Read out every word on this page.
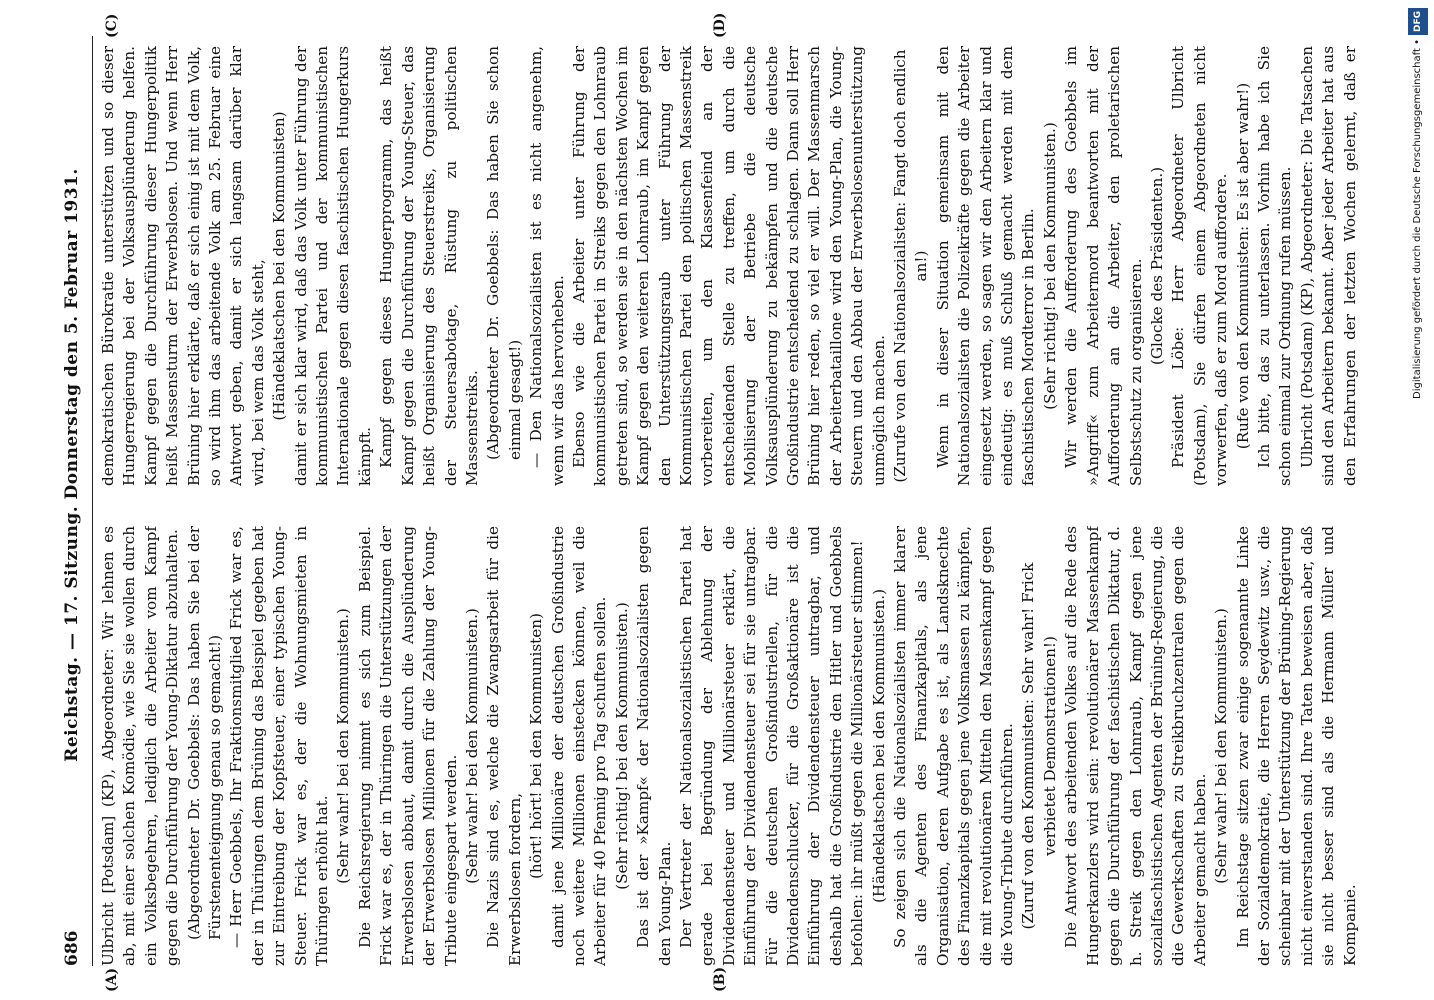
686
Reichstag. — 17. Sitzung. Donnerstag den 5. Februar 1931.
(A)	(B)
(C)	(D)

Ulbricht [Potsdam] (KP), Abgeordneter: Wir lehnen es ab, mit einer solchen Komödie, wie Sie sie wollen durch ein Volksbegehren, lediglich die Arbeiter vom Kampf gegen die Durchführung der Young-Diktatur abzuhalten. (Abgeordneter Dr. Goebbels: Das haben Sie bei der Fürstenenteignung genau so gemacht!) — Herr Goebbels, Ihr Fraktionsmitglied Frick war es, der in Thüringen dem Brüning das Beispiel gegeben hat zur Eintreibung der Kopfsteuer, einer typischen Young-Steuer. Frick war es, der die Wohnungsmieten in Thüringen erhöht hat. (Sehr wahr! bei den Kommunisten.) Die Reichsregierung nimmt es sich zum Beispiel. Frick war es, der in Thüringen die Unterstützungen der Erwerbslosen abbaut, damit durch die Ausplünderung der Erwerbslosen Millionen für die Zahlung der Young-Tribute eingespart werden. (Sehr wahr! bei den Kommunisten.) Die Nazis sind es, welche die Zwangsarbeit für die Erwerbslosen fordern,

(hört! hört! bei den Kommunisten) damit jene Millionäre der deutschen Großindustrie noch weitere Millionen einstecken können, weil die Arbeiter für 40 Pfennig pro Tag schuften sollen. (Sehr richtig! bei den Kommunisten.) Das ist der »Kampf« der Nationalsozialisten gegen den Young-Plan. Der Vertreter der Nationalsozialistischen Partei hat gerade bei Begründung der Ablehnung der Dividendensteuer und Millionärsteuer erklärt, die Einführung der Dividendensteuer sei für sie untragbar. Für die deutschen Großindustriellen, für die Dividendenschlucker, für die Großaktionäre ist die Einführung der Dividendensteuer untragbar, und deshalb hat die Großindustrie den Hitler und Goebbels befohlen: ihr müßt gegen die Millionärsteuer stimmen! (Händeklatschen bei den Kommunisten.) So zeigen sich die Nationalsozialisten immer klarer als die Agenten des Finanzkapitals, als jene Organisation, deren Aufgabe es ist, als Landsknechte des Finanzkapitals gegen jene Volksmassen zu kämpfen, die mit revolutionären Mitteln den Massenkampf gegen die Young-Tribute durchführen. (Zuruf von den Kommunisten: Sehr wahr! Frick verbietet Demonstrationen!) Die Antwort des arbeitenden Volkes auf die Rede des Hungerkanzlers wird sein: revolutionärer Massenkampf gegen die Durchführung der faschistischen Diktatur, d. h. Streik gegen den Lohnraub, Kampf gegen jene sozialfaschistischen Agenten der Brüning-Regierung, die die Gewerkschaften zu Streikbruchzentralen gegen die Arbeiter gemacht haben. (Sehr wahr! bei den Kommunisten.) Im Reichstage sitzen zwar einige sogenannte Linke der Sozialdemokratie, die Herren Seydewitz usw., die scheinbar mit der Unterstützung der Brüning-Regierung nicht einverstanden sind. Ihre Taten beweisen aber, daß sie nicht besser sind als die Hermann Müller und Kompanie.

demokratischen Bürokratie unterstützen und so dieser Hungerregierung bei der Volksausplünderung helfen. Kampf gegen die Durchführung dieser Hungerpolitik heißt Massensturm der Erwerbslosen. Und wenn Herr Brüning hier erklärte, daß er sich einig ist mit dem Volk, so wird ihm das arbeitende Volk am 25. Februar eine Antwort geben, damit er sich langsam darüber klar wird, bei wem das Volk steht, (Händeklatschen bei den Kommunisten) damit er sich klar wird, daß das Volk unter Führung der kommunistischen Partei und der kommunistischen Internationale gegen diesen faschistischen Hungerkurs kämpft. Kampf gegen dieses Hungerprogramm, das heißt Kampf gegen die Durchführung der Young-Steuer, das heißt Organisierung des Steuerstreiks, Organisierung der Steuersabotage, Rüstung zu politischen Massenstreiks. (Abgeordneter Dr. Goebbels: Das haben Sie schon einmal gesagt!) — Den Nationalsozialisten ist es nicht angenehm, wenn wir das hervorheben. Ebenso wie die Arbeiter unter Führung der kommunistischen Partei in Streiks gegen den Lohnraub getreten sind, so werden sie in den nächsten Wochen im Kampf gegen den weiteren Lohnraub, im Kampf gegen den Unterstützungsraub unter Führung der Kommunistischen Partei den politischen Massenstreik vorbereiten, um den Klassenfeind an der entscheidenden Stelle zu treffen, um durch die Mobilisierung der Betriebe die deutsche Volksausplünderung zu bekämpfen und die deutsche Großindustrie entscheidend zu schlagen. Dann soll Herr Brüning hier reden, so viel er will. Der Massenmarsch der Arbeiterbataillone wird den Young-Plan, die Young-Steuern und den Abbau der Erwerbslosenunterstützung unmöglich machen. (Zurufe von den Nationalsozialisten: Fangt doch endlich an!) Wenn in dieser Situation gemeinsam mit den Nationalsozialisten die Polizeikräfte gegen die Arbeiter eingesetzt werden, so sagen wir den Arbeitern klar und eindeutig: es muß Schluß gemacht werden mit dem faschistischen Mordterror in Berlin. (Sehr richtig! bei den Kommunisten.) Wir werden die Aufforderung des Goebbels im »Angriff« zum Arbeitermord beantworten mit der Aufforderung an die Arbeiter, den proletarischen Selbstschutz zu organisieren. (Glocke des Präsidenten.) Präsident Löbe: Herr Abgeordneter Ulbricht (Potsdam), Sie dürfen einem Abgeordneten nicht vorwerfen, daß er zum Mord auffordere. (Rufe von den Kommunisten: Es ist aber wahr!) Ich bitte, das zu unterlassen. Vorhin habe ich Sie schon einmal zur Ordnung rufen müssen. Ulbricht (Potsdam) (KP), Abgeordneter: Die Tatsachen sind den Arbeitern bekannt. Aber jeder Arbeiter hat aus den Erfahrungen der letzten Wochen gelernt, daß er	Digitalisierung gefördert durch die Deutsche Forschungsgemeinschaft •DFG
